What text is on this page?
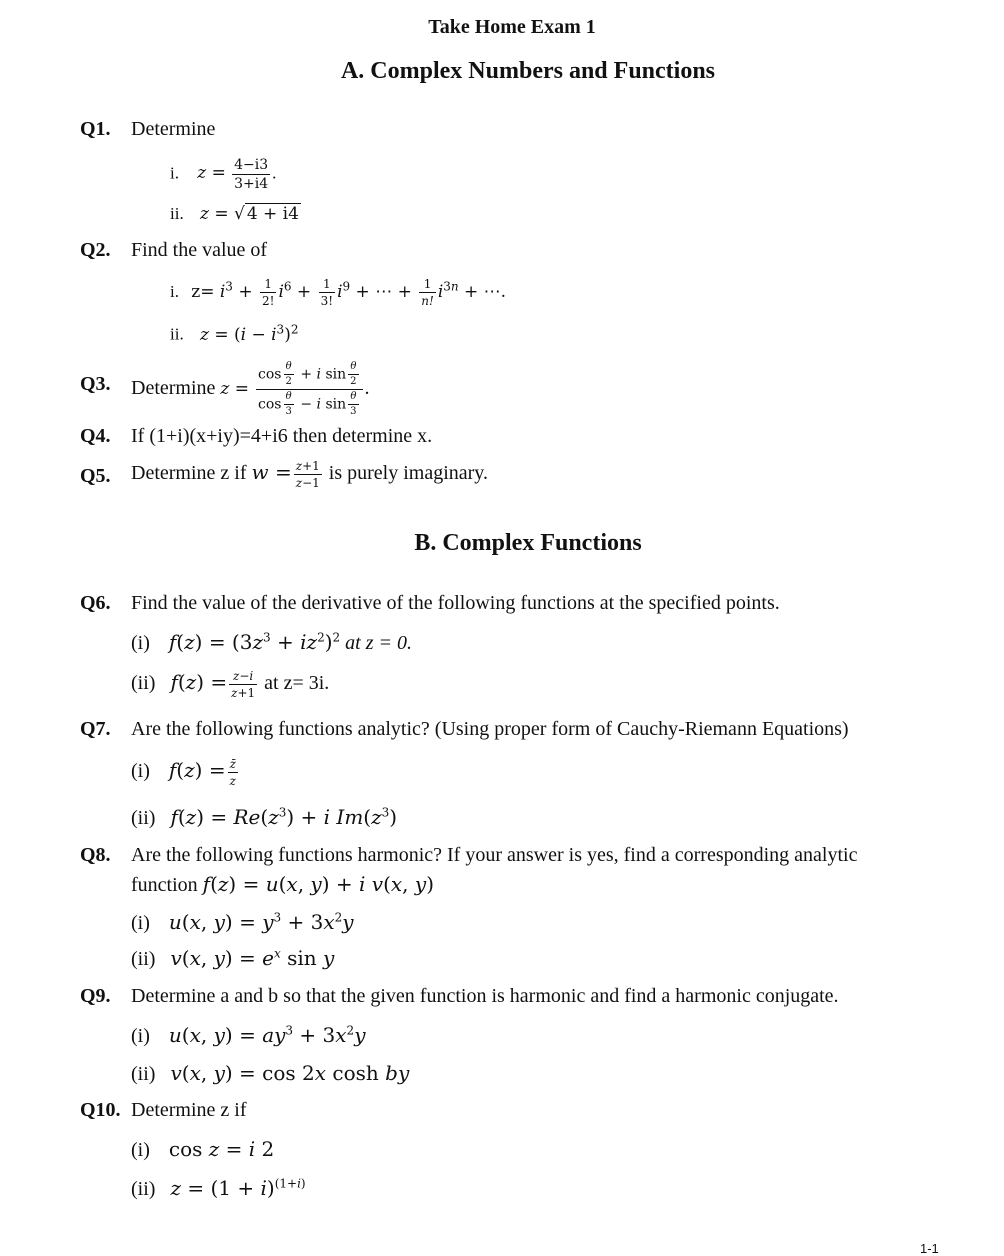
Take Home Exam 1
A. Complex Numbers and Functions
Q1. Determine
i. $z = \frac{4-i3}{3+i4}$ .
ii. z = √ 4 + i4
Q2. Find the value of
i. $z= i^3 + \frac{1}{2!} i^6 + \frac{1}{3!} i^9$ + ⋯ + $\frac{1}{n!} i^{3n}$ + ⋯.
ii. $z = (i - i^3)^2$
Q3. Determine $z = \frac{\cos \frac{\theta}{2} + i \sin \frac{\theta}{2}}{\cos \frac{\theta}{3} - i \sin \frac{\theta}{3}}$ .
Q4. If (1+i)(x+iy)=4+i6 then determine x.
Q5. Determine z if $w = \frac{z+1}{z-1}$ is purely imaginary.
B. Complex Functions
Q6. Find the value of the derivative of the following functions at the specified points.
(i) $f(z) = (3z^3 + iz^2)^2$ at z = 0.
(ii) $f(z) = \frac{z-i}{z+1}$ at z= 3i.
Q7. Are the following functions analytic? (Using proper form of Cauchy-Riemann Equations)
(i) $f(z) = \frac{z̄}{z}$
(ii) $f(z) = Re(z^3) + i$ $Im(z^3)$
Q8. Are the following functions harmonic? If your answer is yes, find a corresponding analytic
function f(z) = u(x, y) + i v(x, y)
(i) u(x, $y) = y^3 + 3x^2y$
(ii) v(x, $y) = e^x$ sin y
Q9. Determine a and b so that the given function is harmonic and find a harmonic conjugate.
(i) u(x, $y) = ay^3 + 3x^2y$
(ii) v(x, y) = cos 2x cosh by
Q10. Determine z if
(i) cos z = i 2
(ii) $z = (1 + i)^{(1+i)}$
1-1
